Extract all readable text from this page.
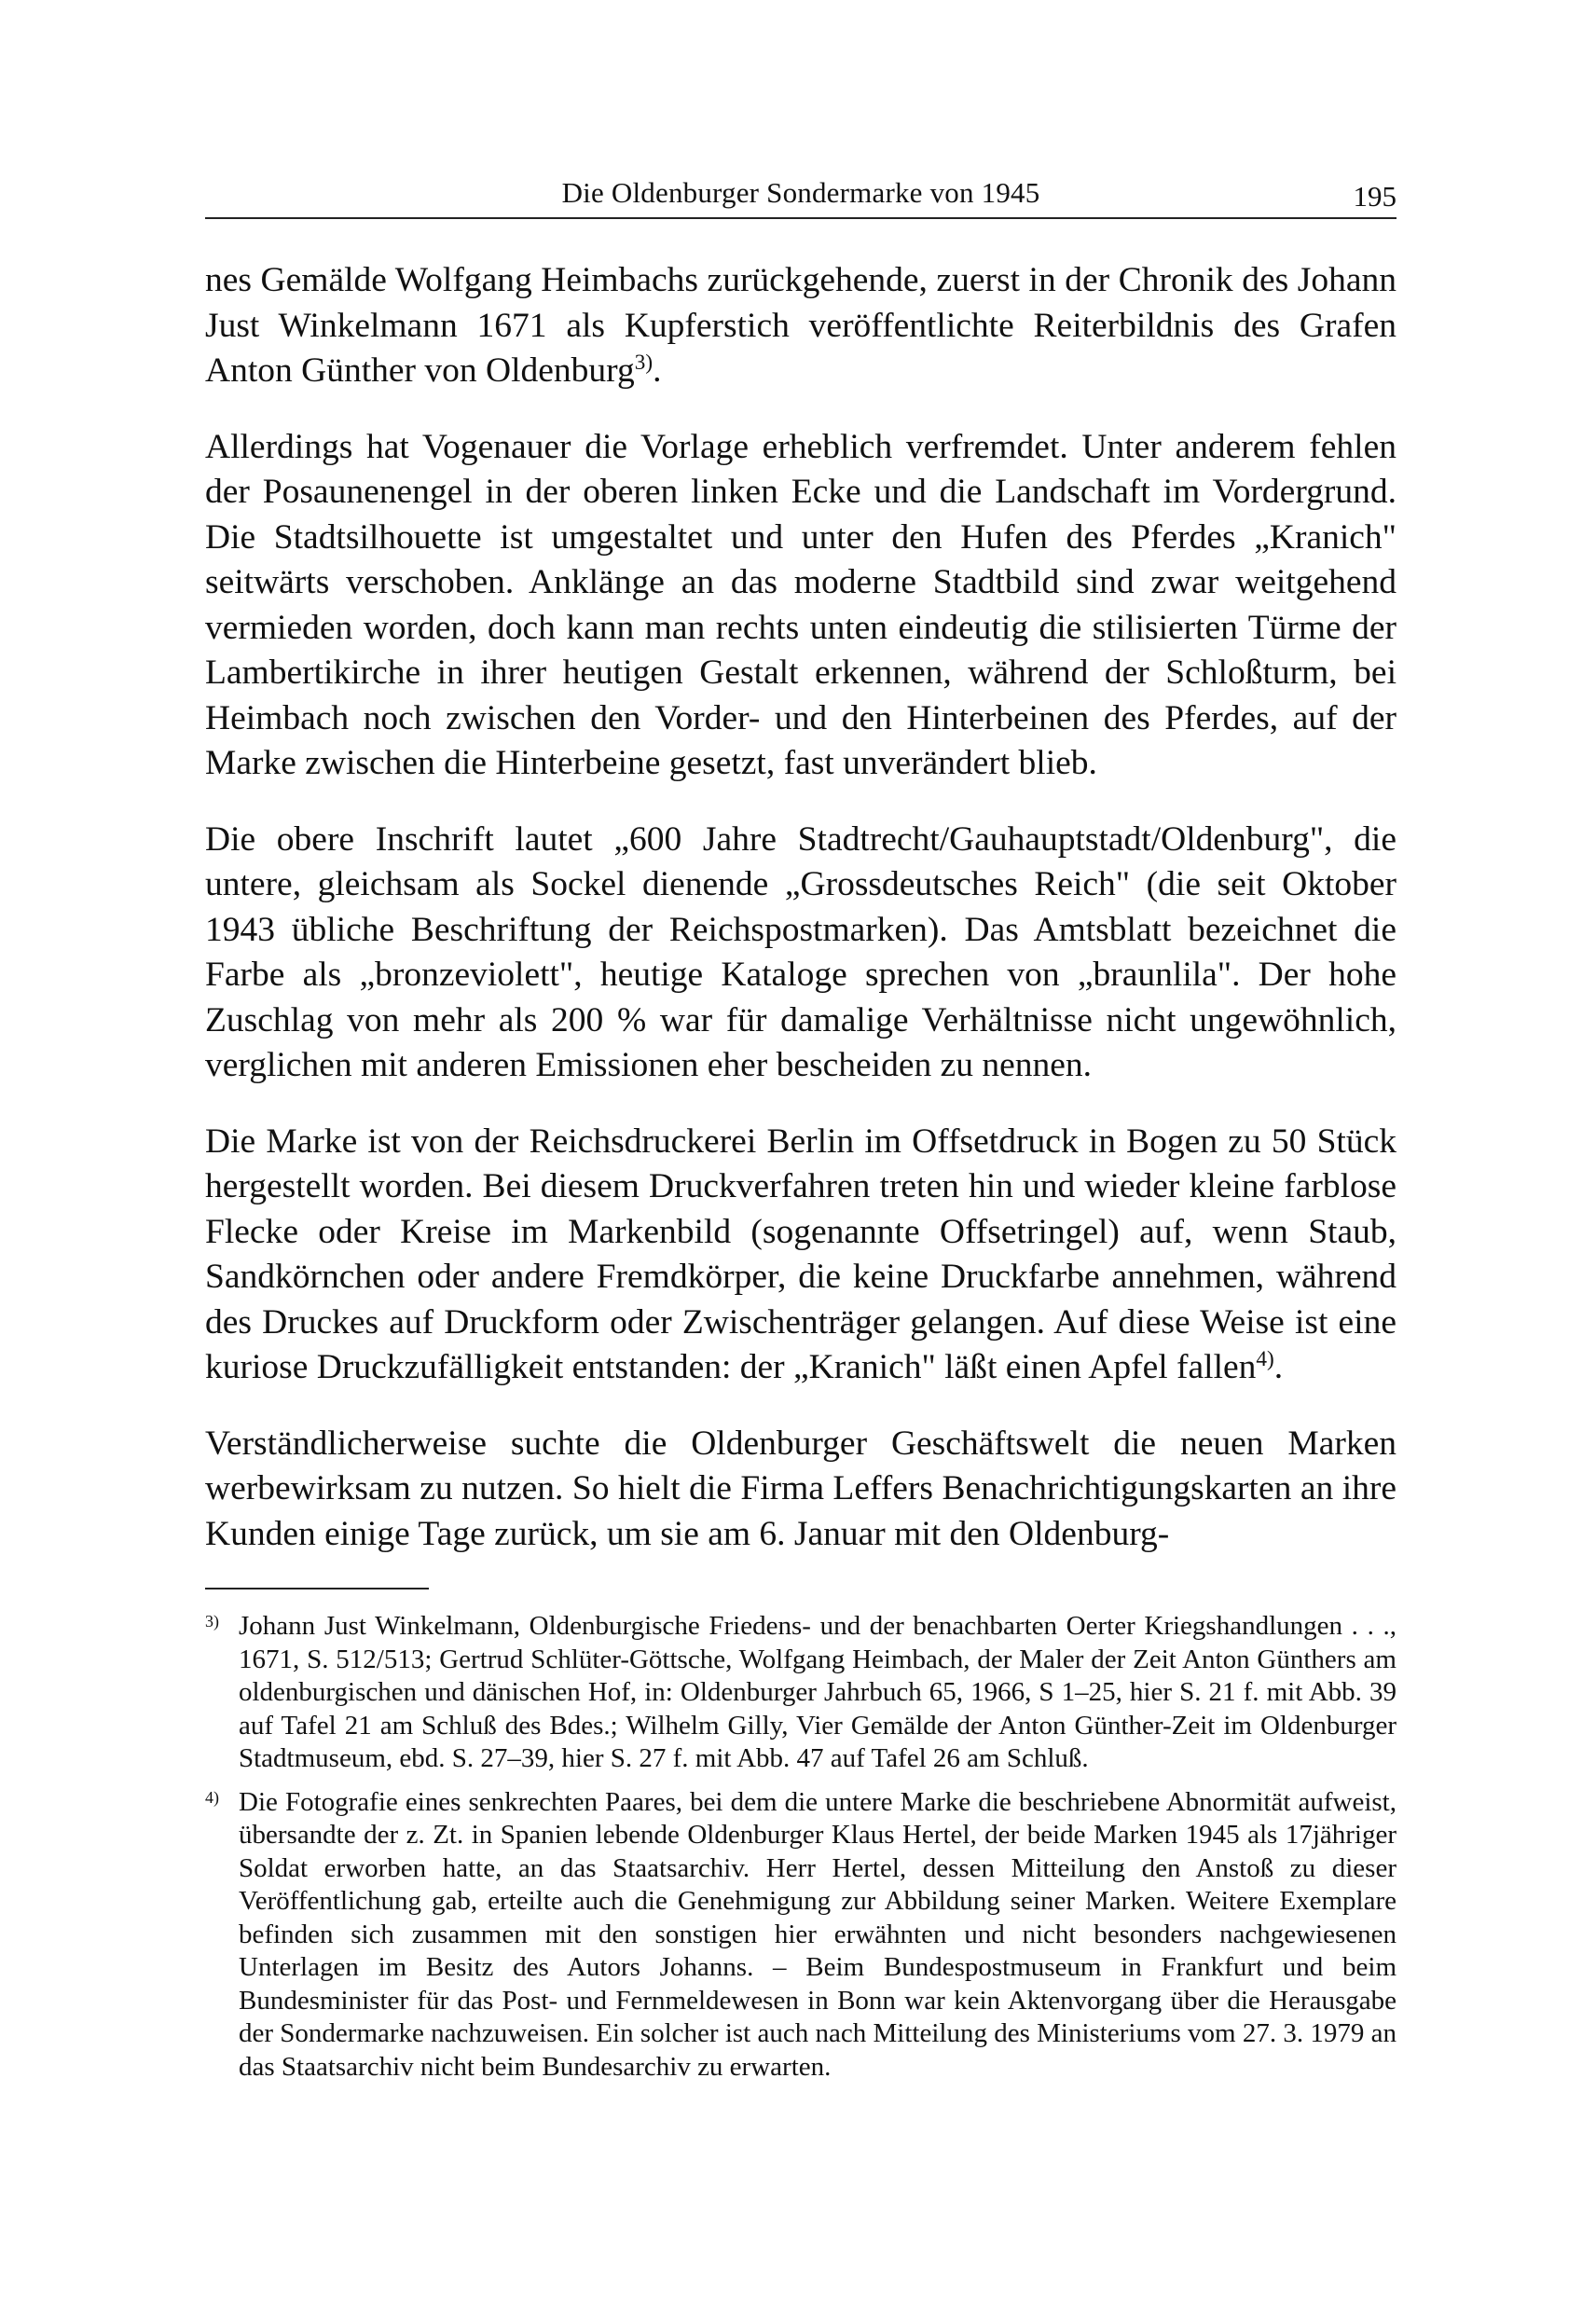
Die Oldenburger Sondermarke von 1945	195

nes Gemälde Wolfgang Heimbachs zurückgehende, zuerst in der Chronik des Johann Just Winkelmann 1671 als Kupferstich veröffentlichte Reiterbildnis des Grafen Anton Günther von Oldenburg$^{3)}$.

Allerdings hat Vogenauer die Vorlage erheblich verfremdet. Unter anderem fehlen der Posaunenengel in der oberen linken Ecke und die Landschaft im Vordergrund. Die Stadtsilhouette ist umgestaltet und unter den Hufen des Pferdes „Kranich" seitwärts verschoben. Anklänge an das moderne Stadtbild sind zwar weitgehend vermieden worden, doch kann man rechts unten eindeutig die stilisierten Türme der Lambertikirche in ihrer heutigen Gestalt erkennen, während der Schloßturm, bei Heimbach noch zwischen den Vorder- und den Hinterbeinen des Pferdes, auf der Marke zwischen die Hinterbeine gesetzt, fast unverändert blieb.

Die obere Inschrift lautet „600 Jahre Stadtrecht/Gauhauptstadt/Oldenburg", die untere, gleichsam als Sockel dienende „Grossdeutsches Reich" (die seit Oktober 1943 übliche Beschriftung der Reichspostmarken). Das Amtsblatt bezeichnet die Farbe als „bronzeviolett", heutige Kataloge sprechen von „braunlila". Der hohe Zuschlag von mehr als 200 % war für damalige Verhältnisse nicht ungewöhnlich, verglichen mit anderen Emissionen eher bescheiden zu nennen.

Die Marke ist von der Reichsdruckerei Berlin im Offsetdruck in Bogen zu 50 Stück hergestellt worden. Bei diesem Druckverfahren treten hin und wieder kleine farblose Flecke oder Kreise im Markenbild (sogenannte Offsetringel) auf, wenn Staub, Sandkörnchen oder andere Fremdkörper, die keine Druckfarbe annehmen, während des Druckes auf Druckform oder Zwischenträger gelangen. Auf diese Weise ist eine kuriose Druckzufälligkeit entstanden: der „Kranich" läßt einen Apfel fallen$^{4)}$.

Verständlicherweise suchte die Oldenburger Geschäftswelt die neuen Marken werbewirksam zu nutzen. So hielt die Firma Leffers Benachrichtigungskarten an ihre Kunden einige Tage zurück, um sie am 6. Januar mit den Oldenburg-

$^{3)}$ Johann Just Winkelmann, Oldenburgische Friedens- und der benachbarten Oerter Kriegshandlungen . . ., 1671, S. 512/513; Gertrud Schlüter-Göttsche, Wolfgang Heimbach, der Maler der Zeit Anton Günthers am oldenburgischen und dänischen Hof, in: Oldenburger Jahrbuch 65, 1966, S 1–25, hier S. 21 f. mit Abb. 39 auf Tafel 21 am Schluß des Bdes.; Wilhelm Gilly, Vier Gemälde der Anton Günther-Zeit im Oldenburger Stadtmuseum, ebd. S. 27–39, hier S. 27 f. mit Abb. 47 auf Tafel 26 am Schluß.
$^{4)}$ Die Fotografie eines senkrechten Paares, bei dem die untere Marke die beschriebene Abnormität aufweist, übersandte der z. Zt. in Spanien lebende Oldenburger Klaus Hertel, der beide Marken 1945 als 17jähriger Soldat erworben hatte, an das Staatsarchiv. Herr Hertel, dessen Mitteilung den Anstoß zu dieser Veröffentlichung gab, erteilte auch die Genehmigung zur Abbildung seiner Marken. Weitere Exemplare befinden sich zusammen mit den sonstigen hier erwähnten und nicht besonders nachgewiesenen Unterlagen im Besitz des Autors Johanns. – Beim Bundespostmuseum in Frankfurt und beim Bundesminister für das Post- und Fernmeldewesen in Bonn war kein Aktenvorgang über die Herausgabe der Sondermarke nachzuweisen. Ein solcher ist auch nach Mitteilung des Ministeriums vom 27. 3. 1979 an das Staatsarchiv nicht beim Bundesarchiv zu erwarten.
